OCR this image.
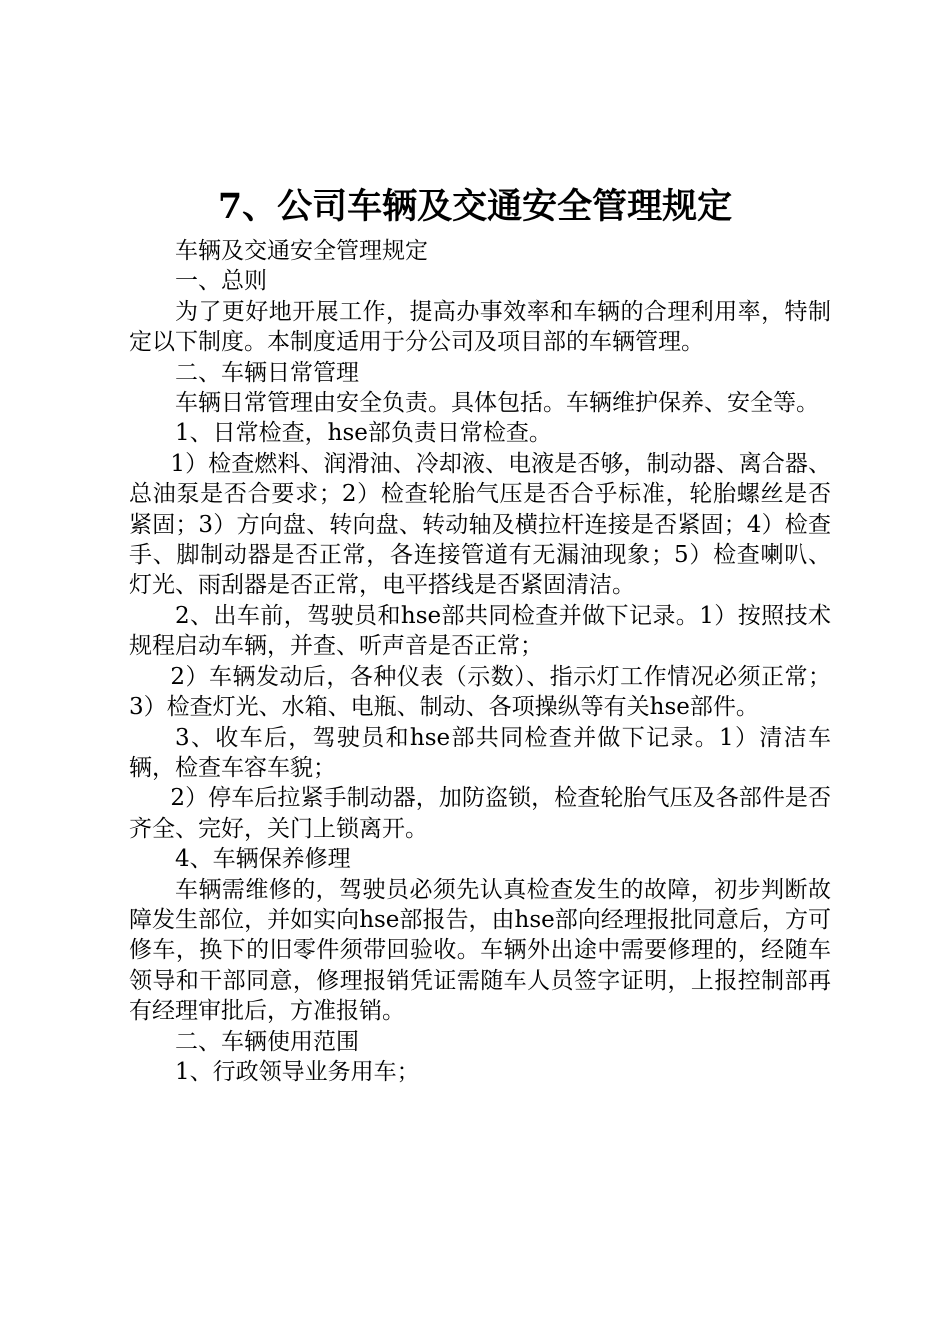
7、公司车辆及交通安全管理规定

车辆及交通安全管理规定

一、总则

为了更好地开展工作，提高办事效率和车辆的合理利用率，特制定以下制度。本制度适用于分公司及项目部的车辆管理。

二、车辆日常管理

车辆日常管理由安全负责。具体包括。车辆维护保养、安全等。

1、日常检查，hse部负责日常检查。

1）检查燃料、润滑油、冷却液、电液是否够，制动器、离合器、总油泵是否合要求；2）检查轮胎气压是否合乎标准，轮胎螺丝是否紧固；3）方向盘、转向盘、转动轴及横拉杆连接是否紧固；4）检查手、脚制动器是否正常，各连接管道有无漏油现象；5）检查喇叭、灯光、雨刮器是否正常，电平搭线是否紧固清洁。

2、出车前，驾驶员和hse部共同检查并做下记录。1）按照技术规程启动车辆，并查、听声音是否正常；

2）车辆发动后，各种仪表（示数）、指示灯工作情况必须正常；3）检查灯光、水箱、电瓶、制动、各项操纵等有关hse部件。

3、收车后，驾驶员和hse部共同检查并做下记录。1）清洁车辆，检查车容车貌；

2）停车后拉紧手制动器，加防盗锁，检查轮胎气压及各部件是否齐全、完好，关门上锁离开。

4、车辆保养修理

车辆需维修的，驾驶员必须先认真检查发生的故障，初步判断故障发生部位，并如实向hse部报告，由hse部向经理报批同意后，方可修车，换下的旧零件须带回验收。车辆外出途中需要修理的，经随车领导和干部同意，修理报销凭证需随车人员签字证明，上报控制部再有经理审批后，方准报销。

二、车辆使用范围

1、行政领导业务用车；
